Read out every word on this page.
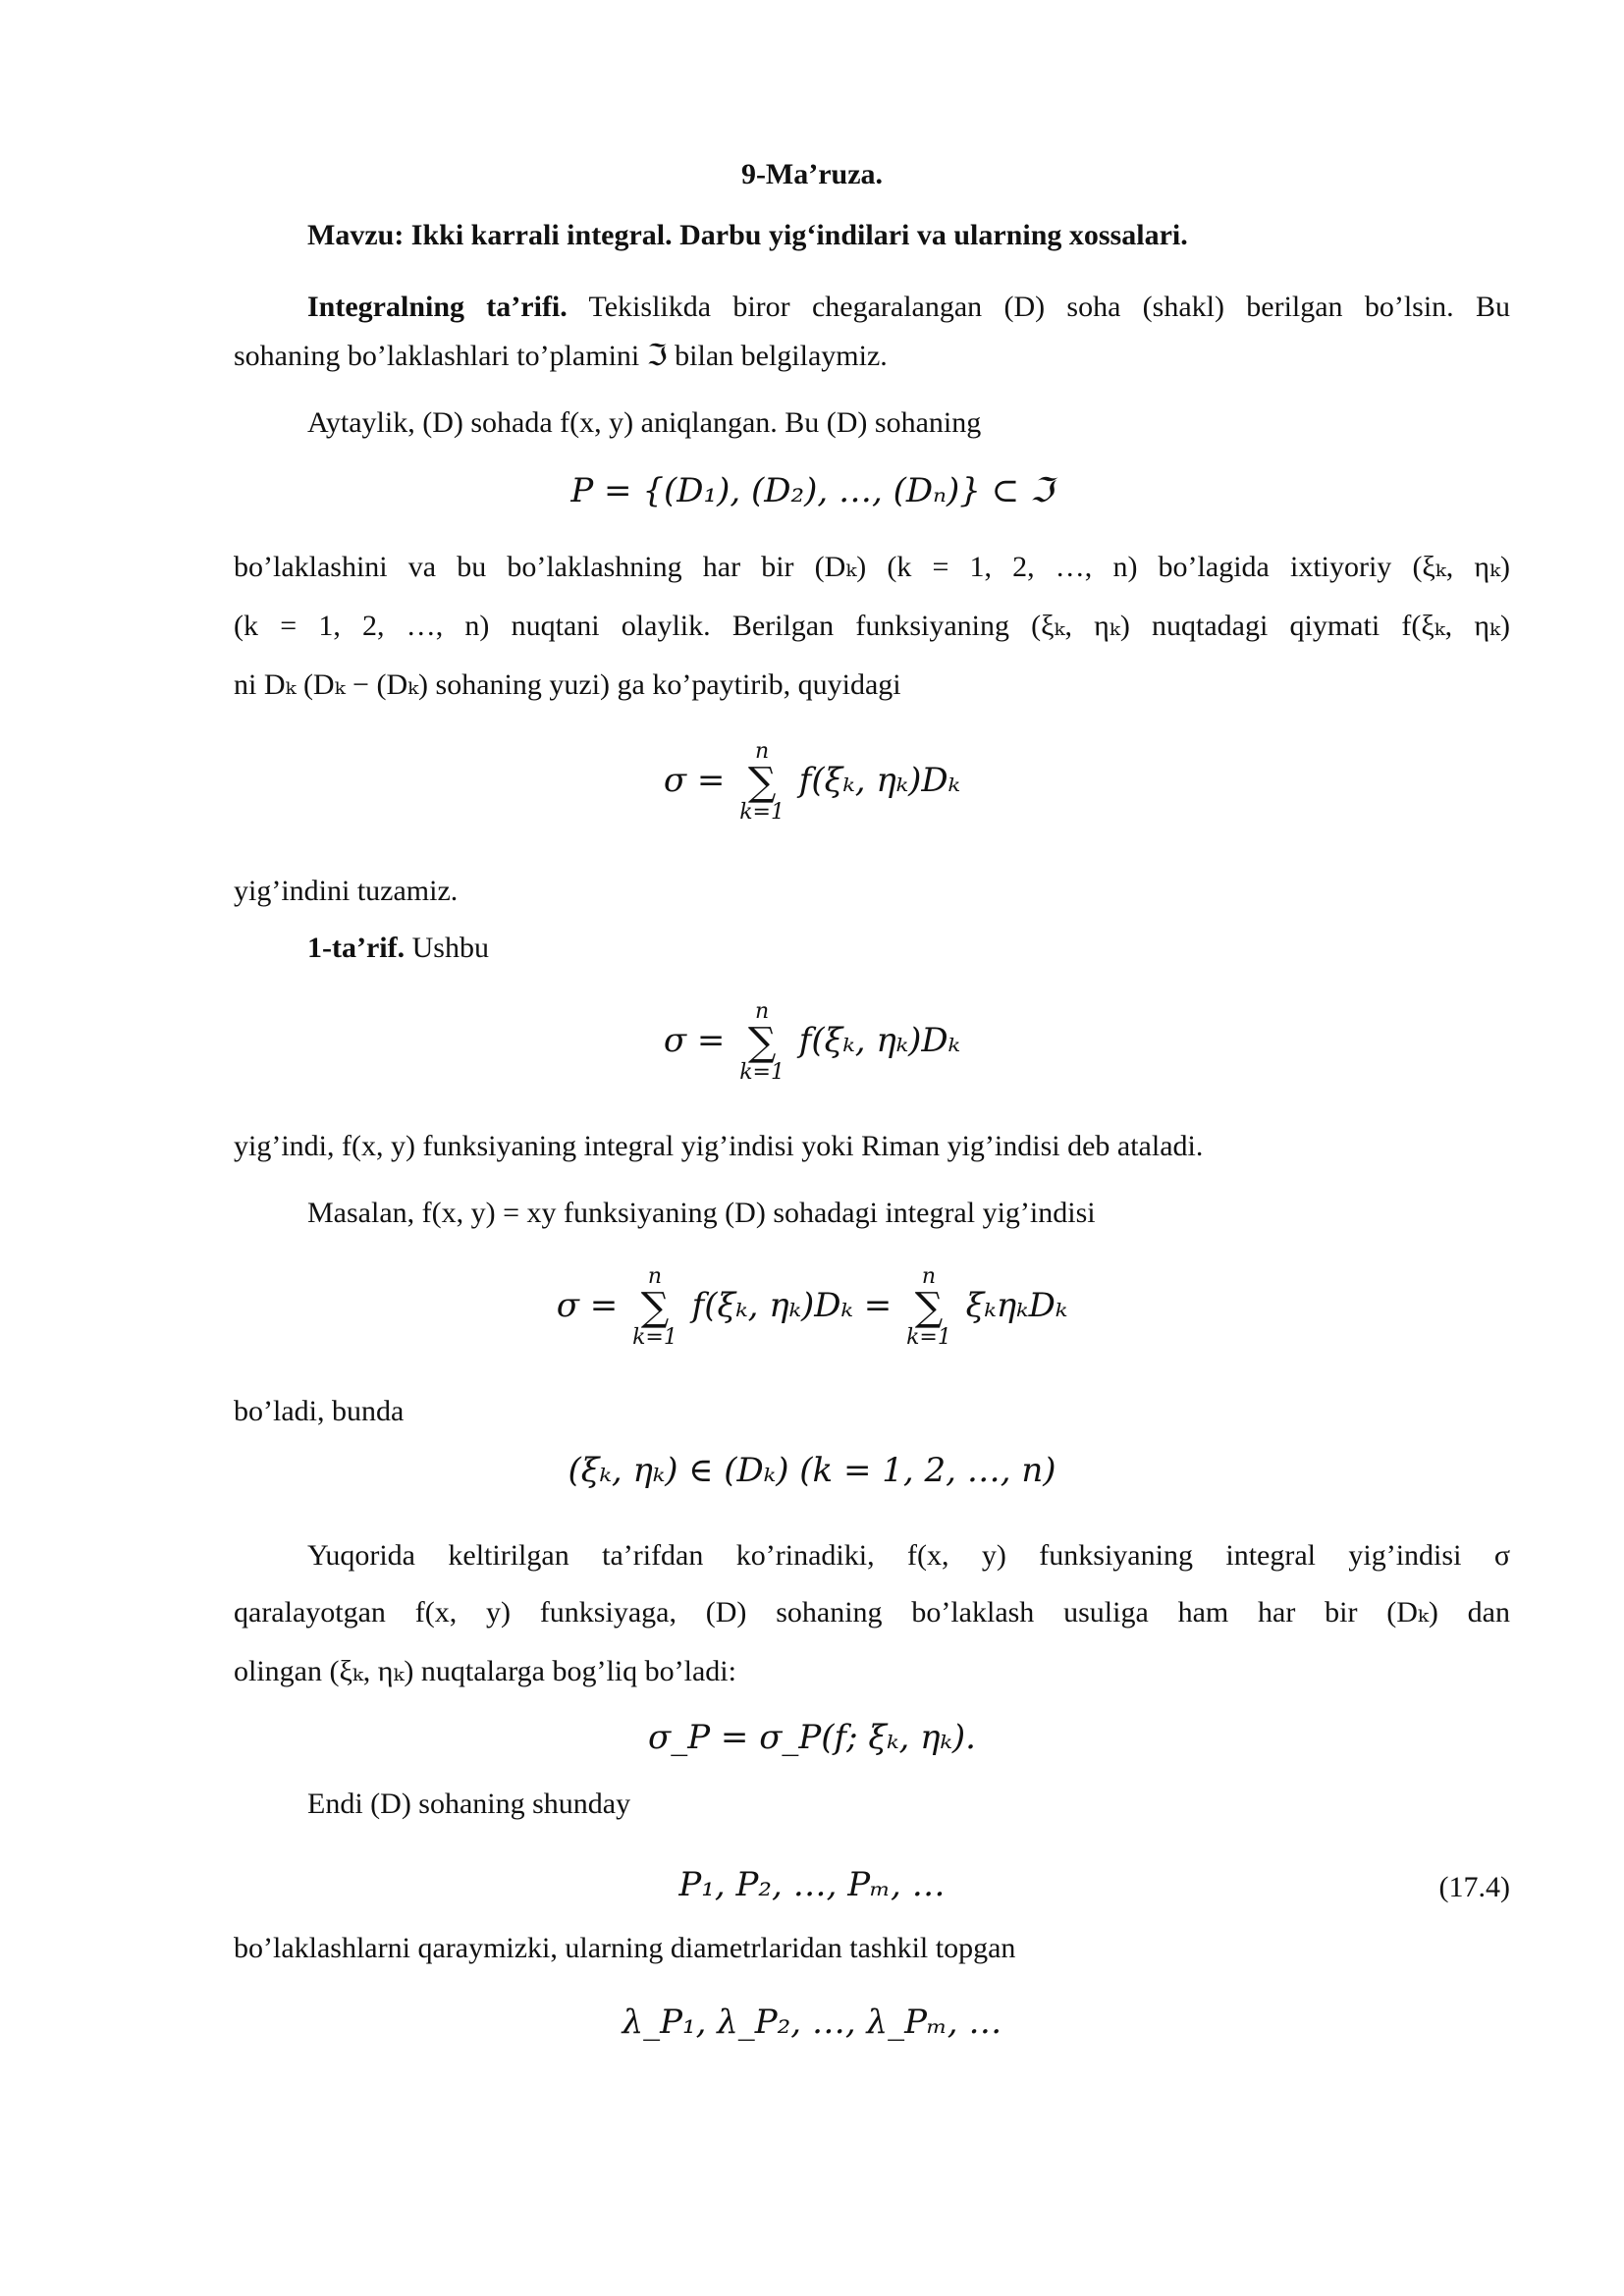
9-Ma’ruza.
Mavzu: Ikki karrali integral. Darbu yig‘indilari va ularning xossalari.
Integralning ta’rifi. Tekislikda biror chegaralangan (D) soha (shakl) berilgan bo’lsin. Bu
sohaning bo’laklashlari to’plamini ℑ bilan belgilaymiz.
Aytaylik, (D) sohada f(x, y) aniqlangan. Bu (D) sohaning
P = {(D₁), (D₂), …, (Dₙ)} ⊂ ℑ
bo’laklashini va bu bo’laklashning har bir (Dₖ) (k = 1, 2, …, n) bo’lagida ixtiyoriy (ξₖ, ηₖ)
(k = 1, 2, …, n) nuqtani olaylik. Berilgan funksiyaning (ξₖ, ηₖ) nuqtadagi qiymati f(ξₖ, ηₖ)
ni Dₖ (Dₖ − (Dₖ) sohaning yuzi) ga ko’paytirib, quyidagi
σ =
n
∑
k=1
f(ξₖ, ηₖ)Dₖ
yig’indini tuzamiz.
1-ta’rif. Ushbu
σ =
n
∑
k=1
f(ξₖ, ηₖ)Dₖ
yig’indi, f(x, y) funksiyaning integral yig’indisi yoki Riman yig’indisi deb ataladi.
Masalan, f(x, y) = xy funksiyaning (D) sohadagi integral yig’indisi
σ =
n
∑
k=1
f(ξₖ, ηₖ)Dₖ =
n
∑
k=1
ξₖηₖDₖ
bo’ladi, bunda
(ξₖ, ηₖ) ∈ (Dₖ) (k = 1, 2, …, n)
Yuqorida keltirilgan ta’rifdan ko’rinadiki, f(x, y) funksiyaning integral yig’indisi σ
qaralayotgan f(x, y) funksiyaga, (D) sohaning bo’laklash usuliga ham har bir (Dₖ) dan
olingan (ξₖ, ηₖ) nuqtalarga bog’liq bo’ladi:
σ_P = σ_P(f; ξₖ, ηₖ).
Endi (D) sohaning shunday
P₁, P₂, …, Pₘ, …	(17.4)
bo’laklashlarni qaraymizki, ularning diametrlaridan tashkil topgan
λ_P₁, λ_P₂, …, λ_Pₘ, …
